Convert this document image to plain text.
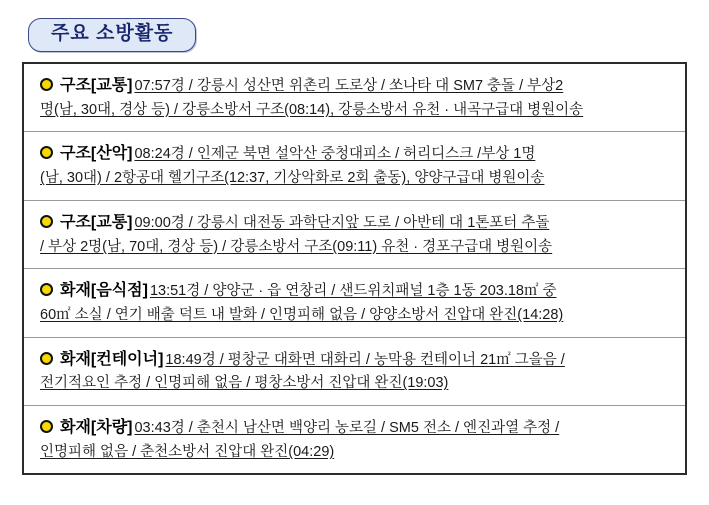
주요 소방활동
구조[교통] 07:57경 / 강릉시 성산면 위촌리 도로상 / 쏘나타 대 SM7 충돌 / 부상2
명(남, 30대, 경상 등) / 강릉소방서 구조(08:14), 강릉소방서 유천 · 내곡구급대 병원이송
구조[산악] 08:24경 / 인제군 북면 설악산 중청대피소 / 허리디스크 /부상 1명
(남, 30대) / 2항공대 헬기구조(12:37, 기상악화로 2회 출동), 양양구급대 병원이송
구조[교통] 09:00경 / 강릉시 대전동 과학단지앞 도로 / 아반테 대 1톤포터 추돌
/ 부상 2명(남, 70대, 경상 등) / 강릉소방서 구조(09:11) 유천 · 경포구급대 병원이송
화재[음식점] 13:51경 / 양양군 · 읍 연창리 / 샌드위치패널 1층 1동 203.18㎡ 중
60㎡ 소실 / 연기 배출 덕트 내 발화 / 인명피해 없음 / 양양소방서 진압대 완진(14:28)
화재[컨테이너] 18:49경 / 평창군 대화면 대화리 / 농막용 컨테이너 21㎡ 그을음 /
전기적요인 추정 / 인명피해 없음 / 평창소방서 진압대 완진(19:03)
화재[차량] 03:43경 / 춘천시 남산면 백양리 농로길 / SM5 전소 / 엔진과열 추정 /
인명피해 없음 / 춘천소방서 진압대 완진(04:29)
